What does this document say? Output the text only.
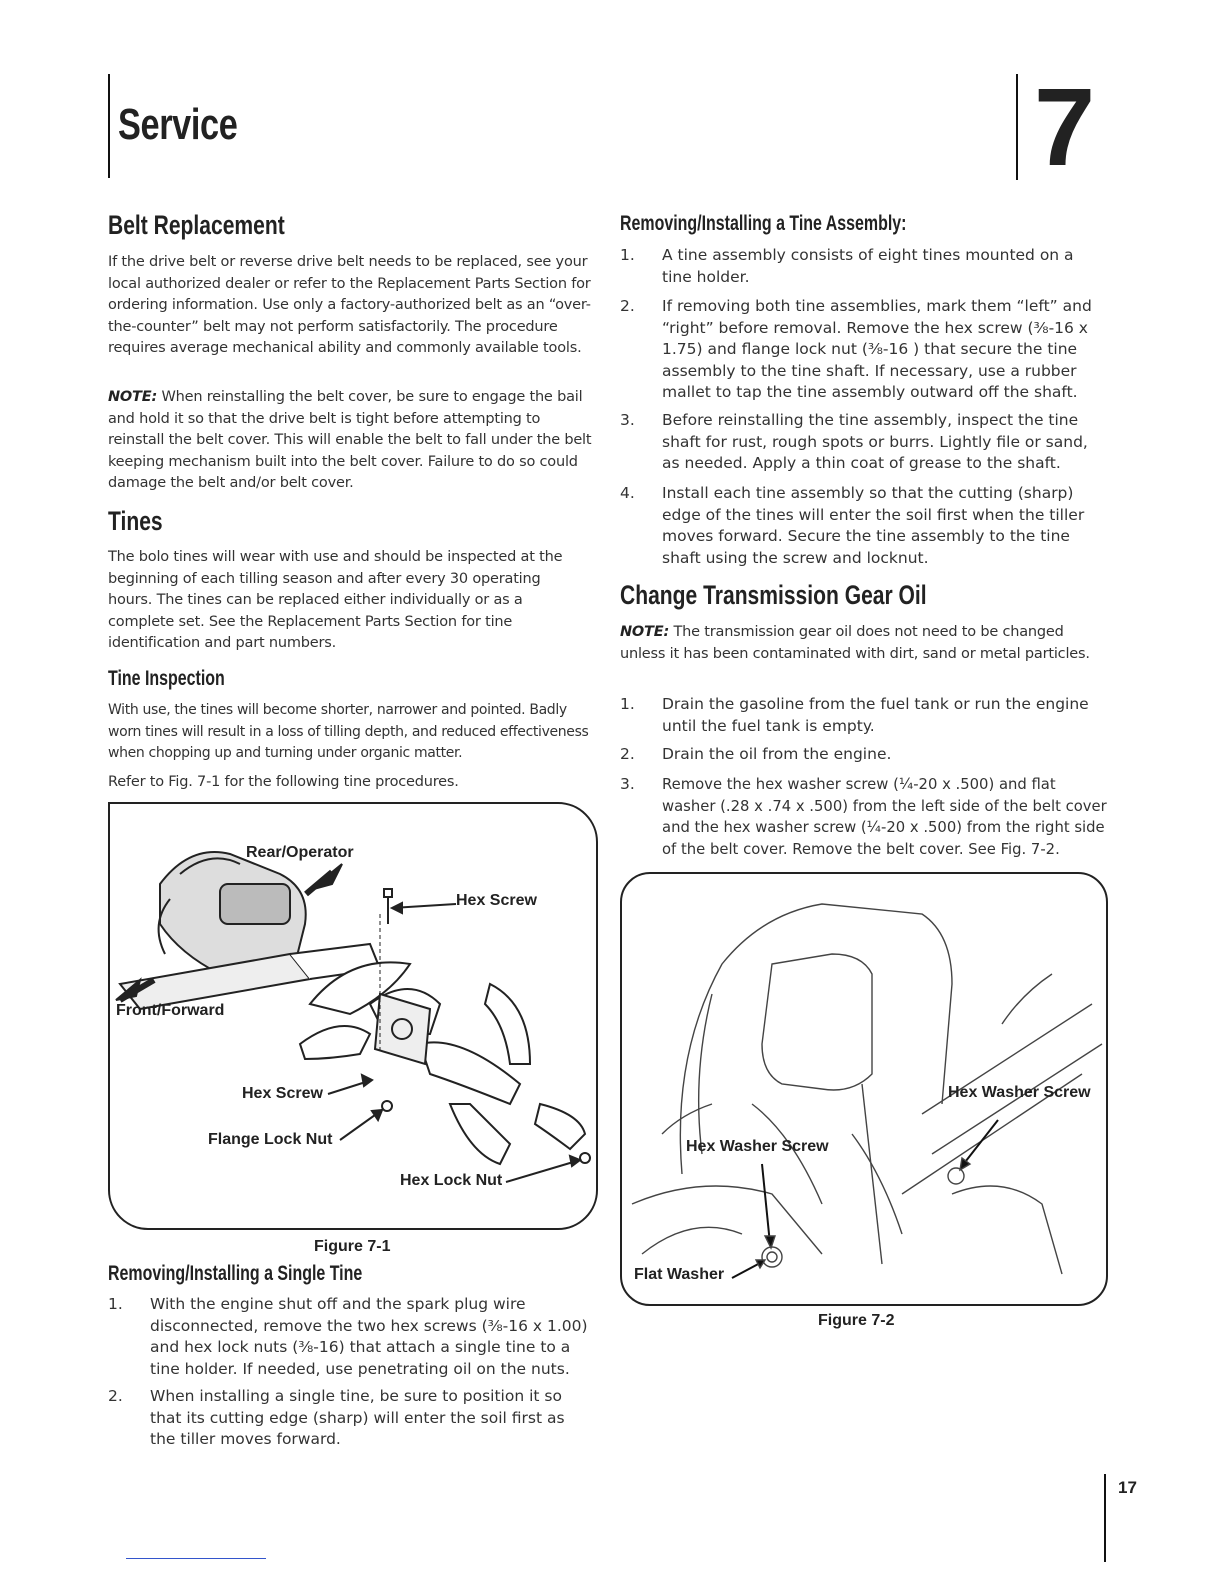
Service	7
Belt Replacement
If the drive belt or reverse drive belt needs to be replaced, see your local authorized dealer or refer to the Replacement Parts Section for ordering information. Use only a factory-authorized belt as an “over- the-counter” belt may not perform satisfactorily. The procedure requires average mechanical ability and commonly available tools.
NOTE: When reinstalling the belt cover, be sure to engage the bail and hold it so that the drive belt is tight before attempting to reinstall the belt cover. This will enable the belt to fall under the belt keeping mechanism built into the belt cover. Failure to do so could damage the belt and/or belt cover.
Tines
The bolo tines will wear with use and should be inspected at the beginning of each tilling season and after every 30 operating hours. The tines can be replaced either individually or as a complete set. See the Replacement Parts Section for tine identification and part numbers.
Tine Inspection
With use, the tines will become shorter, narrower and pointed. Badly worn tines will result in a loss of tilling depth, and reduced effectiveness when chopping up and turning under organic matter.
Refer to Fig. 7-1 for the following tine procedures.
Rear/Operator
Hex Screw
Front/Forward
Hex Screw
Flange Lock Nut
Hex Lock Nut
Figure 7-1
Removing/Installing a Single Tine
1. With the engine shut off and the spark plug wire disconnected, remove the two hex screws (⅜-16 x 1.00) and hex lock nuts (⅜-16) that attach a single tine to a tine holder. If needed, use penetrating oil on the nuts.
2. When installing a single tine, be sure to position it so that its cutting edge (sharp) will enter the soil first as the tiller moves forward.
Removing/Installing a Tine Assembly:
1. A tine assembly consists of eight tines mounted on a tine holder.
2. If removing both tine assemblies, mark them “left” and “right” before removal. Remove the hex screw (⅜-16 x 1.75) and flange lock nut (⅜-16 ) that secure the tine assembly to the tine shaft. If necessary, use a rubber mallet to tap the tine assembly outward off the shaft.
3. Before reinstalling the tine assembly, inspect the tine shaft for rust, rough spots or burrs. Lightly file or sand, as needed. Apply a thin coat of grease to the shaft.
4. Install each tine assembly so that the cutting (sharp) edge of the tines will enter the soil first when the tiller moves forward. Secure the tine assembly to the tine shaft using the screw and locknut.
Change Transmission Gear Oil
NOTE: The transmission gear oil does not need to be changed unless it has been contaminated with dirt, sand or metal particles.
1. Drain the gasoline from the fuel tank or run the engine until the fuel tank is empty.
2. Drain the oil from the engine.
3. Remove the hex washer screw (¼-20 x .500) and flat washer (.28 x .74 x .500) from the left side of the belt cover and the hex washer screw (¼-20 x .500) from the right side of the belt cover. Remove the belt cover. See Fig. 7-2.
Hex Washer Screw
Hex Washer Screw
Flat Washer
Figure 7-2
17
